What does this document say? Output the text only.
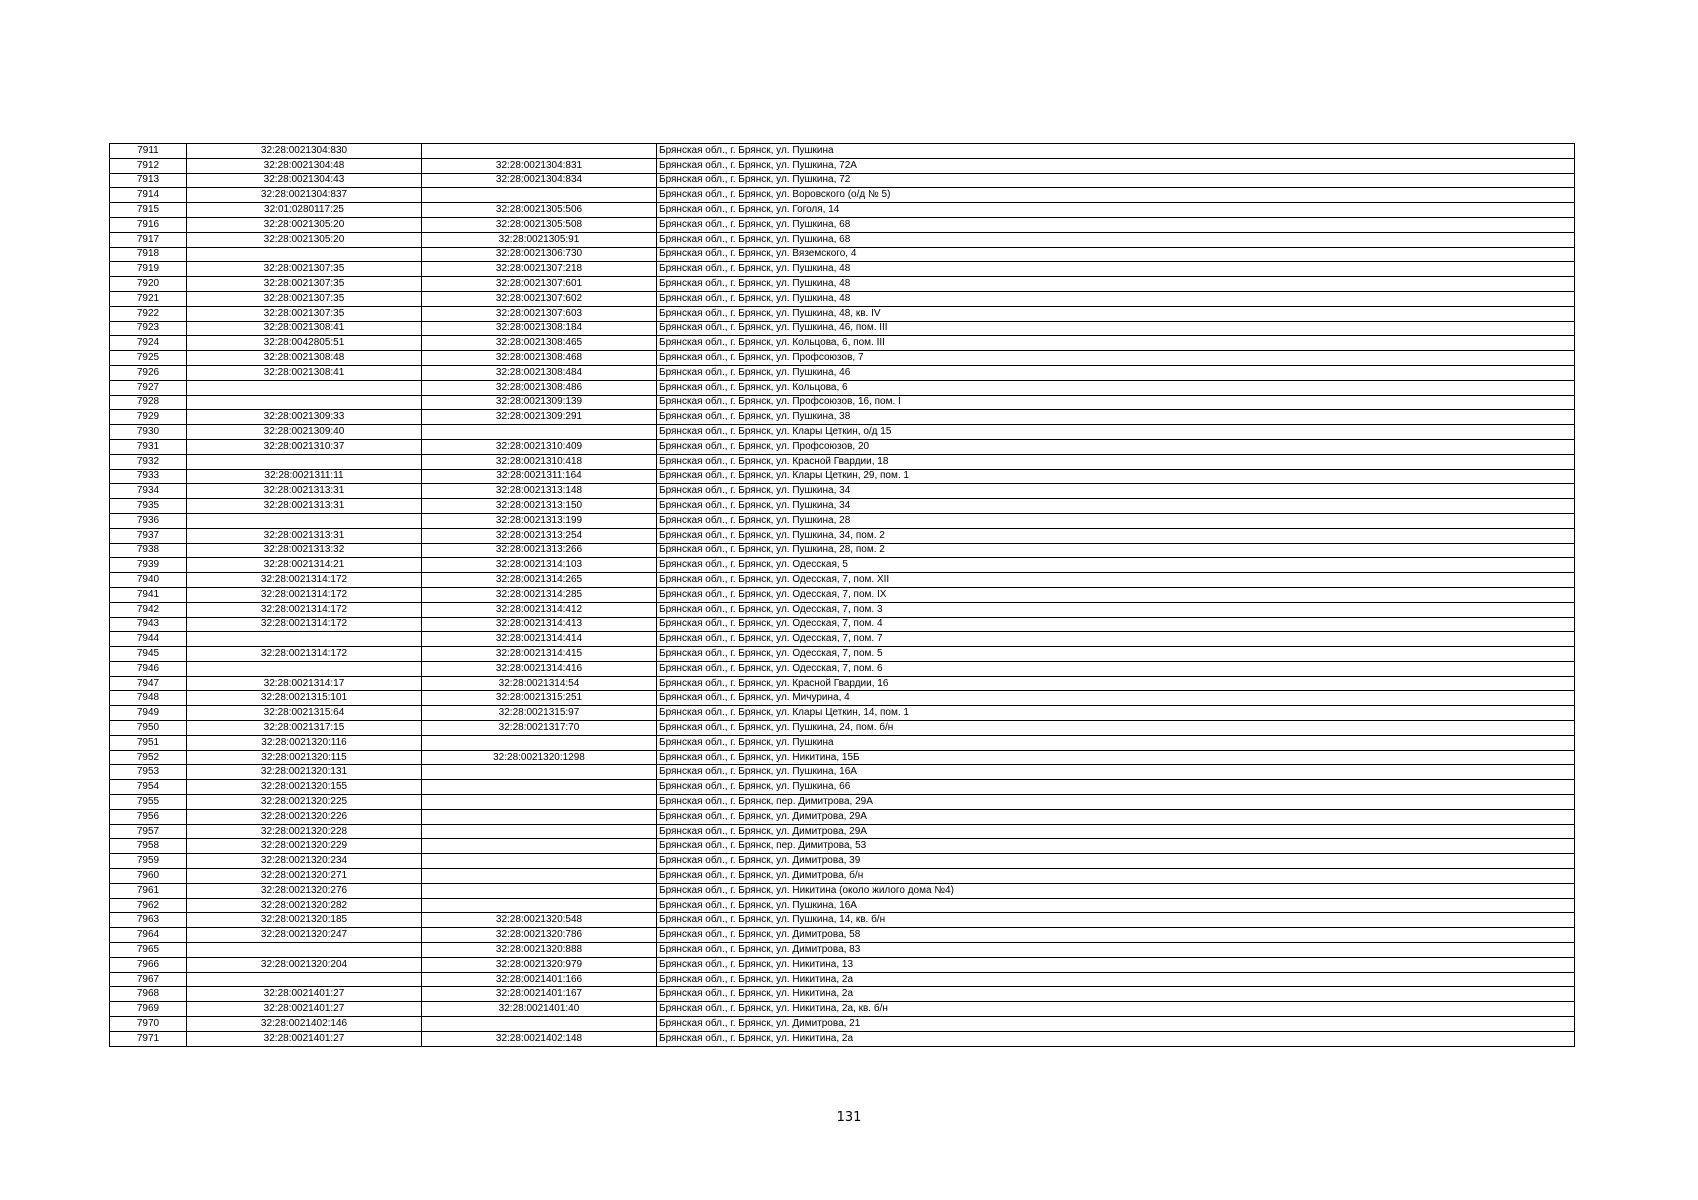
7911	32:28:0021304:830		Брянская обл., г. Брянск, ул. Пушкина
7912	32:28:0021304:48	32:28:0021304:831	Брянская обл., г. Брянск, ул. Пушкина, 72А
7913	32:28:0021304:43	32:28:0021304:834	Брянская обл., г. Брянск, ул. Пушкина, 72
7914	32:28:0021304:837		Брянская обл., г. Брянск, ул. Воровского (о/д № 5)
7915	32:01:0280117:25	32:28:0021305:506	Брянская обл., г. Брянск, ул. Гоголя, 14
7916	32:28:0021305:20	32:28:0021305:508	Брянская обл., г. Брянск, ул. Пушкина, 68
7917	32:28:0021305:20	32:28:0021305:91	Брянская обл., г. Брянск, ул. Пушкина, 68
7918		32:28:0021306:730	Брянская обл., г. Брянск, ул. Вяземского, 4
7919	32:28:0021307:35	32:28:0021307:218	Брянская обл., г. Брянск, ул. Пушкина, 48
7920	32:28:0021307:35	32:28:0021307:601	Брянская обл., г. Брянск, ул. Пушкина, 48
7921	32:28:0021307:35	32:28:0021307:602	Брянская обл., г. Брянск, ул. Пушкина, 48
7922	32:28:0021307:35	32:28:0021307:603	Брянская обл., г. Брянск, ул. Пушкина, 48, кв. IV
7923	32:28:0021308:41	32:28:0021308:184	Брянская обл., г. Брянск, ул. Пушкина, 46, пом. III
7924	32:28:0042805:51	32:28:0021308:465	Брянская обл., г. Брянск, ул. Кольцова, 6, пом. III
7925	32:28:0021308:48	32:28:0021308:468	Брянская обл., г. Брянск, ул. Профсоюзов, 7
7926	32:28:0021308:41	32:28:0021308:484	Брянская обл., г. Брянск, ул. Пушкина, 46
7927		32:28:0021308:486	Брянская обл., г. Брянск, ул. Кольцова, 6
7928		32:28:0021309:139	Брянская обл., г. Брянск, ул. Профсоюзов, 16, пом. I
7929	32:28:0021309:33	32:28:0021309:291	Брянская обл., г. Брянск, ул. Пушкина, 38
7930	32:28:0021309:40		Брянская обл., г. Брянск, ул. Клары Цеткин, о/д 15
7931	32:28:0021310:37	32:28:0021310:409	Брянская обл., г. Брянск, ул. Профсоюзов, 20
7932		32:28:0021310:418	Брянская обл., г. Брянск, ул. Красной Гвардии, 18
7933	32:28:0021311:11	32:28:0021311:164	Брянская обл., г. Брянск, ул. Клары Цеткин, 29, пом. 1
7934	32:28:0021313:31	32:28:0021313:148	Брянская обл., г. Брянск, ул. Пушкина, 34
7935	32:28:0021313:31	32:28:0021313:150	Брянская обл., г. Брянск, ул. Пушкина, 34
7936		32:28:0021313:199	Брянская обл., г. Брянск, ул. Пушкина, 28
7937	32:28:0021313:31	32:28:0021313:254	Брянская обл., г. Брянск, ул. Пушкина, 34, пом. 2
7938	32:28:0021313:32	32:28:0021313:266	Брянская обл., г. Брянск, ул. Пушкина, 28, пом. 2
7939	32:28:0021314:21	32:28:0021314:103	Брянская обл., г. Брянск, ул. Одесская, 5
7940	32:28:0021314:172	32:28:0021314:265	Брянская обл., г. Брянск, ул. Одесская, 7, пом. XII
7941	32:28:0021314:172	32:28:0021314:285	Брянская обл., г. Брянск, ул. Одесская, 7, пом. IX
7942	32:28:0021314:172	32:28:0021314:412	Брянская обл., г. Брянск, ул. Одесская, 7, пом. 3
7943	32:28:0021314:172	32:28:0021314:413	Брянская обл., г. Брянск, ул. Одесская, 7, пом. 4
7944		32:28:0021314:414	Брянская обл., г. Брянск, ул. Одесская, 7, пом. 7
7945	32:28:0021314:172	32:28:0021314:415	Брянская обл., г. Брянск, ул. Одесская, 7, пом. 5
7946		32:28:0021314:416	Брянская обл., г. Брянск, ул. Одесская, 7, пом. 6
7947	32:28:0021314:17	32:28:0021314:54	Брянская обл., г. Брянск, ул. Красной Гвардии, 16
7948	32:28:0021315:101	32:28:0021315:251	Брянская обл., г. Брянск, ул. Мичурина, 4
7949	32:28:0021315:64	32:28:0021315:97	Брянская обл., г. Брянск, ул. Клары Цеткин, 14, пом. 1
7950	32:28:0021317:15	32:28:0021317:70	Брянская обл., г. Брянск, ул. Пушкина, 24, пом. б/н
7951	32:28:0021320:116		Брянская обл., г. Брянск, ул. Пушкина
7952	32:28:0021320:115	32:28:0021320:1298	Брянская обл., г. Брянск, ул. Никитина, 15Б
7953	32:28:0021320:131		Брянская обл., г. Брянск, ул. Пушкина, 16А
7954	32:28:0021320:155		Брянская обл., г. Брянск, ул. Пушкина, 66
7955	32:28:0021320:225		Брянская обл., г. Брянск, пер. Димитрова, 29А
7956	32:28:0021320:226		Брянская обл., г. Брянск, ул. Димитрова, 29А
7957	32:28:0021320:228		Брянская обл., г. Брянск, ул. Димитрова, 29А
7958	32:28:0021320:229		Брянская обл., г. Брянск, пер. Димитрова, 53
7959	32:28:0021320:234		Брянская обл., г. Брянск, ул. Димитрова, 39
7960	32:28:0021320:271		Брянская обл., г. Брянск, ул. Димитрова, б/н
7961	32:28:0021320:276		Брянская обл., г. Брянск, ул. Никитина (около жилого дома №4)
7962	32:28:0021320:282		Брянская обл., г. Брянск, ул. Пушкина, 16А
7963	32:28:0021320:185	32:28:0021320:548	Брянская обл., г. Брянск, ул. Пушкина, 14, кв. б/н
7964	32:28:0021320:247	32:28:0021320:786	Брянская обл., г. Брянск, ул. Димитрова, 58
7965		32:28:0021320:888	Брянская обл., г. Брянск, ул. Димитрова, 83
7966	32:28:0021320:204	32:28:0021320:979	Брянская обл., г. Брянск, ул. Никитина, 13
7967		32:28:0021401:166	Брянская обл., г. Брянск, ул. Никитина, 2а
7968	32:28:0021401:27	32:28:0021401:167	Брянская обл., г. Брянск, ул. Никитина, 2а
7969	32:28:0021401:27	32:28:0021401:40	Брянская обл., г. Брянск, ул. Никитина, 2а, кв. б/н
7970	32:28:0021402:146		Брянская обл., г. Брянск, ул. Димитрова, 21
7971	32:28:0021401:27	32:28:0021402:148	Брянская обл., г. Брянск, ул. Никитина, 2а
131
